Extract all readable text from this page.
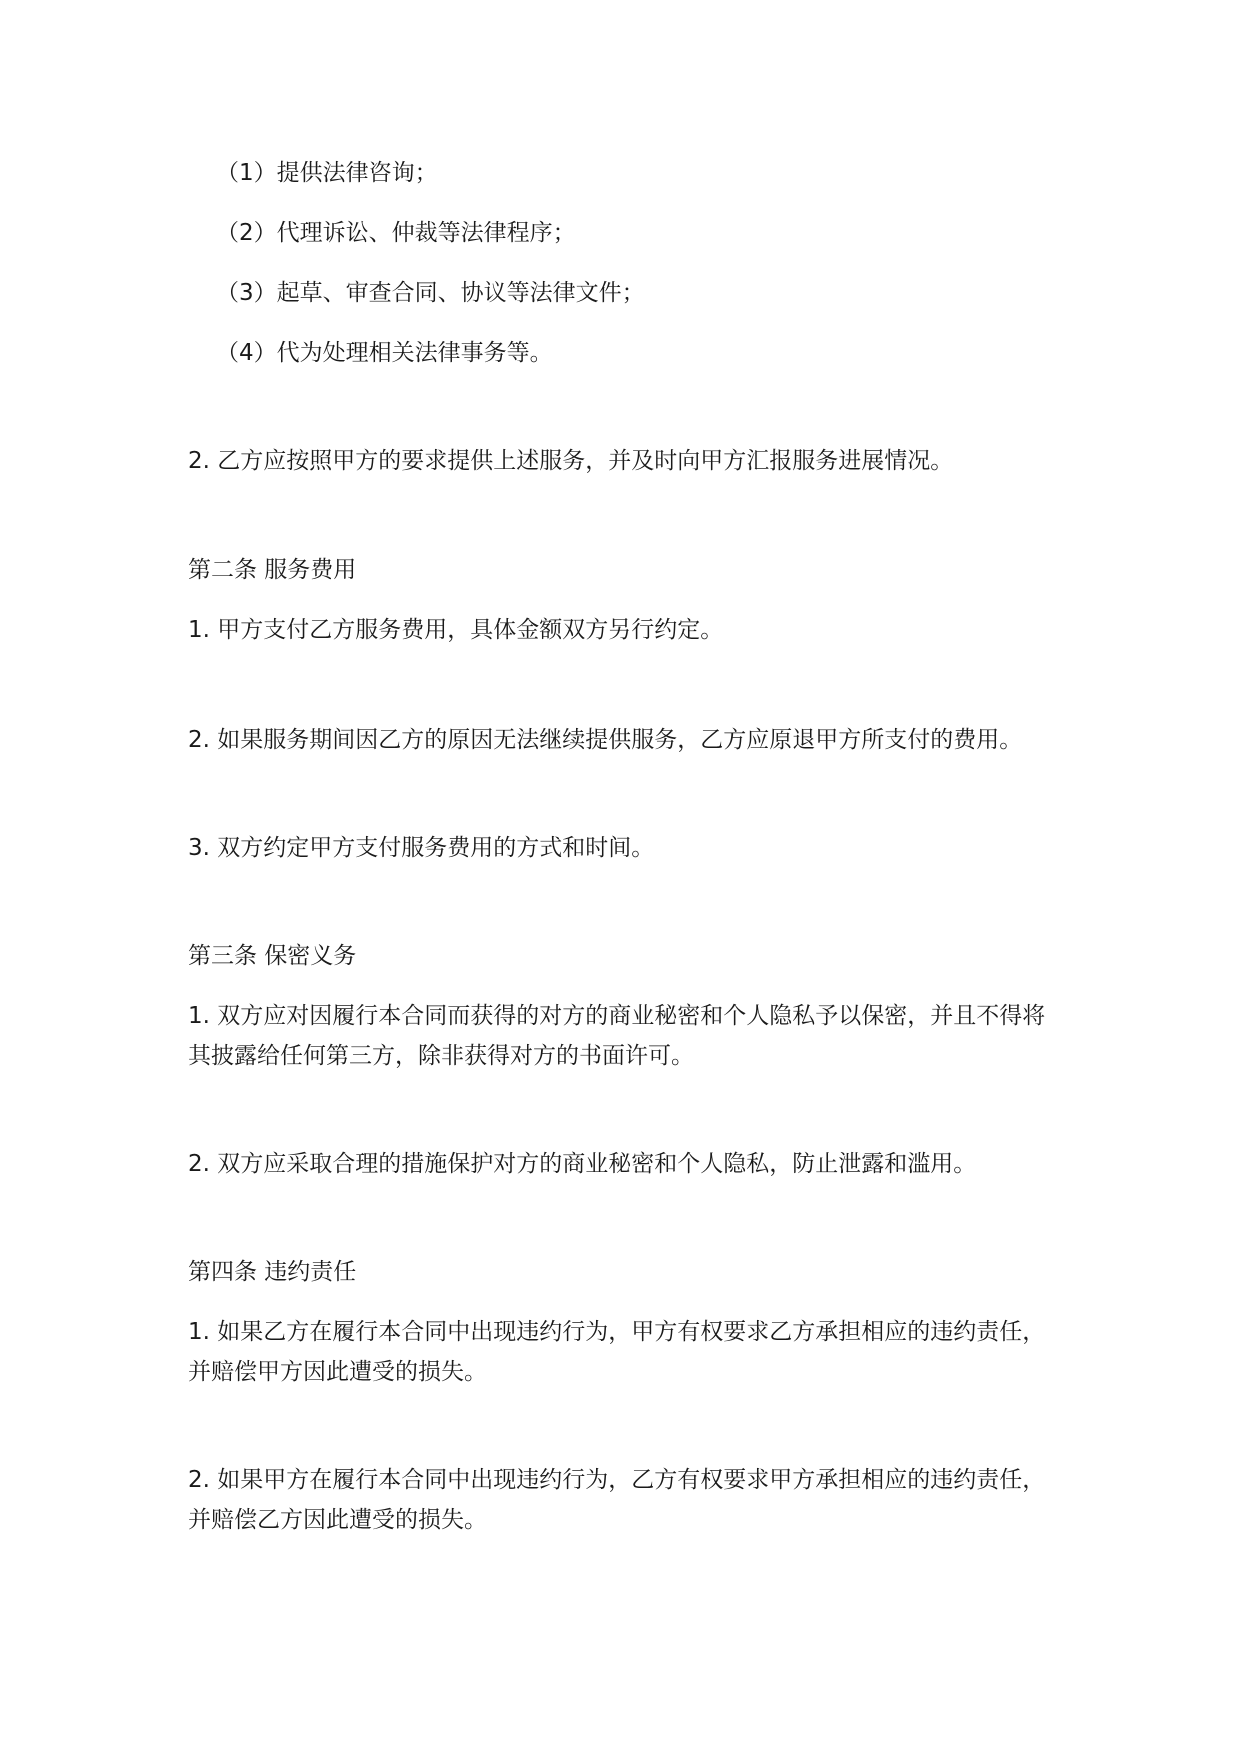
（1）提供法律咨询；
（2）代理诉讼、仲裁等法律程序；
（3）起草、审查合同、协议等法律文件；
（4）代为处理相关法律事务等。
2. 乙方应按照甲方的要求提供上述服务，并及时向甲方汇报服务进展情况。
第二条 服务费用
1. 甲方支付乙方服务费用，具体金额双方另行约定。
2. 如果服务期间因乙方的原因无法继续提供服务，乙方应原退甲方所支付的费用。
3. 双方约定甲方支付服务费用的方式和时间。
第三条 保密义务
1. 双方应对因履行本合同而获得的对方的商业秘密和个人隐私予以保密，并且不得将
其披露给任何第三方，除非获得对方的书面许可。
2. 双方应采取合理的措施保护对方的商业秘密和个人隐私，防止泄露和滥用。
第四条 违约责任
1. 如果乙方在履行本合同中出现违约行为，甲方有权要求乙方承担相应的违约责任，
并赔偿甲方因此遭受的损失。
2. 如果甲方在履行本合同中出现违约行为，乙方有权要求甲方承担相应的违约责任，
并赔偿乙方因此遭受的损失。
